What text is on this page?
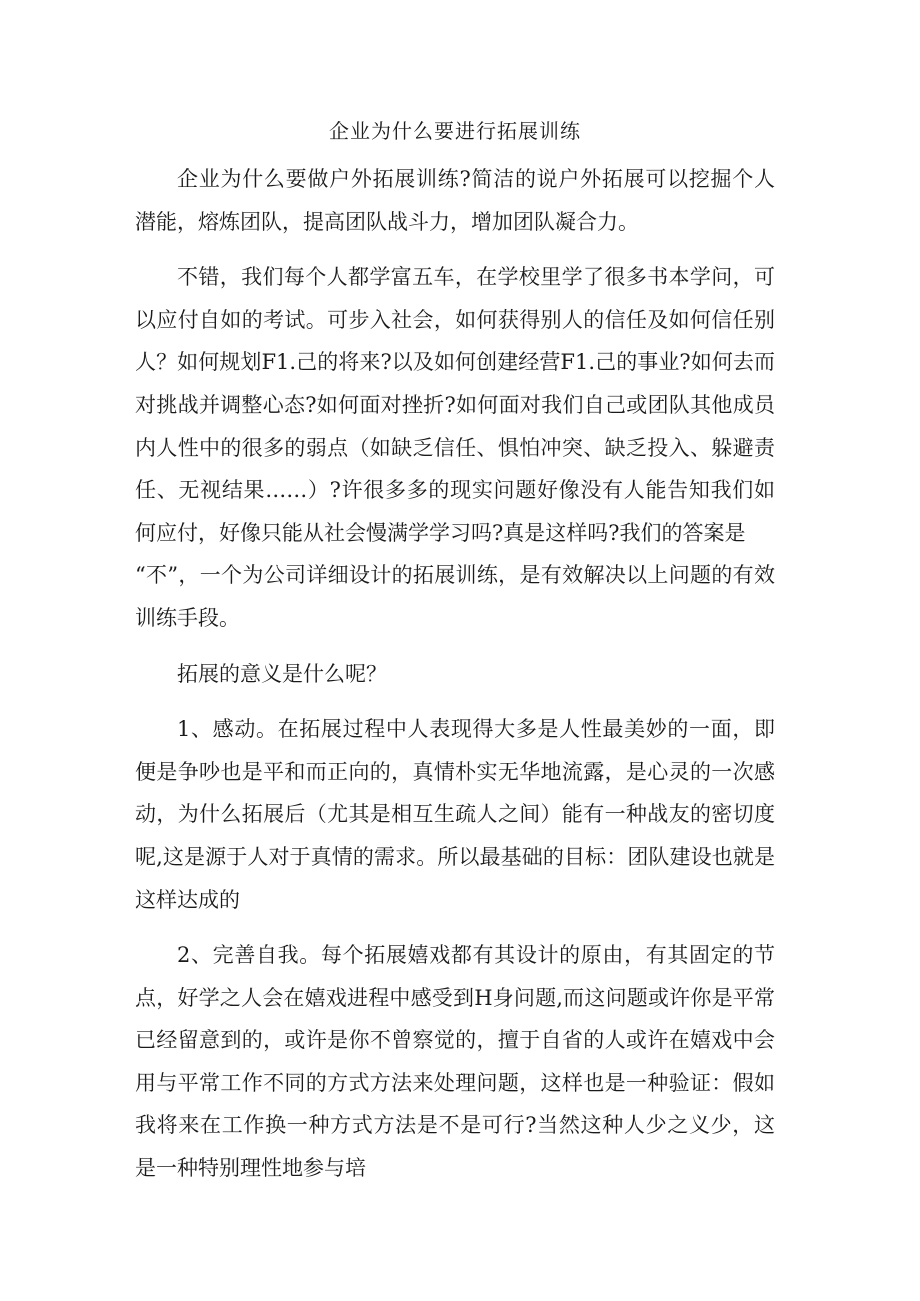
企业为什么要进行拓展训练

企业为什么要做户外拓展训练?简洁的说户外拓展可以挖掘个人潜能，熔炼团队，提高团队战斗力，增加团队凝合力。

不错，我们每个人都学富五车，在学校里学了很多书本学问，可以应付自如的考试。可步入社会，如何获得别人的信任及如何信任别人？如何规划F1.己的将来?以及如何创建经营F1.己的事业?如何去而对挑战并调整心态?如何面对挫折?如何面对我们自己或团队其他成员内人性中的很多的弱点（如缺乏信任、惧怕冲突、缺乏投入、躲避责任、无视结果……）?许很多多的现实问题好像没有人能告知我们如何应付，好像只能从社会慢满学学习吗?真是这样吗?我们的答案是

“不”，一个为公司详细设计的拓展训练，是有效解决以上问题的有效训练手段。

拓展的意义是什么呢？

1、感动。在拓展过程中人表现得大多是人性最美妙的一面，即便是争吵也是平和而正向的，真情朴实无华地流露，是心灵的一次感动，为什么拓展后（尤其是相互生疏人之间）能有一种战友的密切度呢,这是源于人对于真情的需求。所以最基础的目标：团队建设也就是这样达成的

2、完善自我。每个拓展嬉戏都有其设计的原由，有其固定的节点，好学之人会在嬉戏进程中感受到H身问题,而这问题或许你是平常已经留意到的，或许是你不曾察觉的，擅于自省的人或许在嬉戏中会用与平常工作不同的方式方法来处理问题，这样也是一种验证：假如我将来在工作换一种方式方法是不是可行?当然这种人少之义少，这是一种特别理性地参与培
